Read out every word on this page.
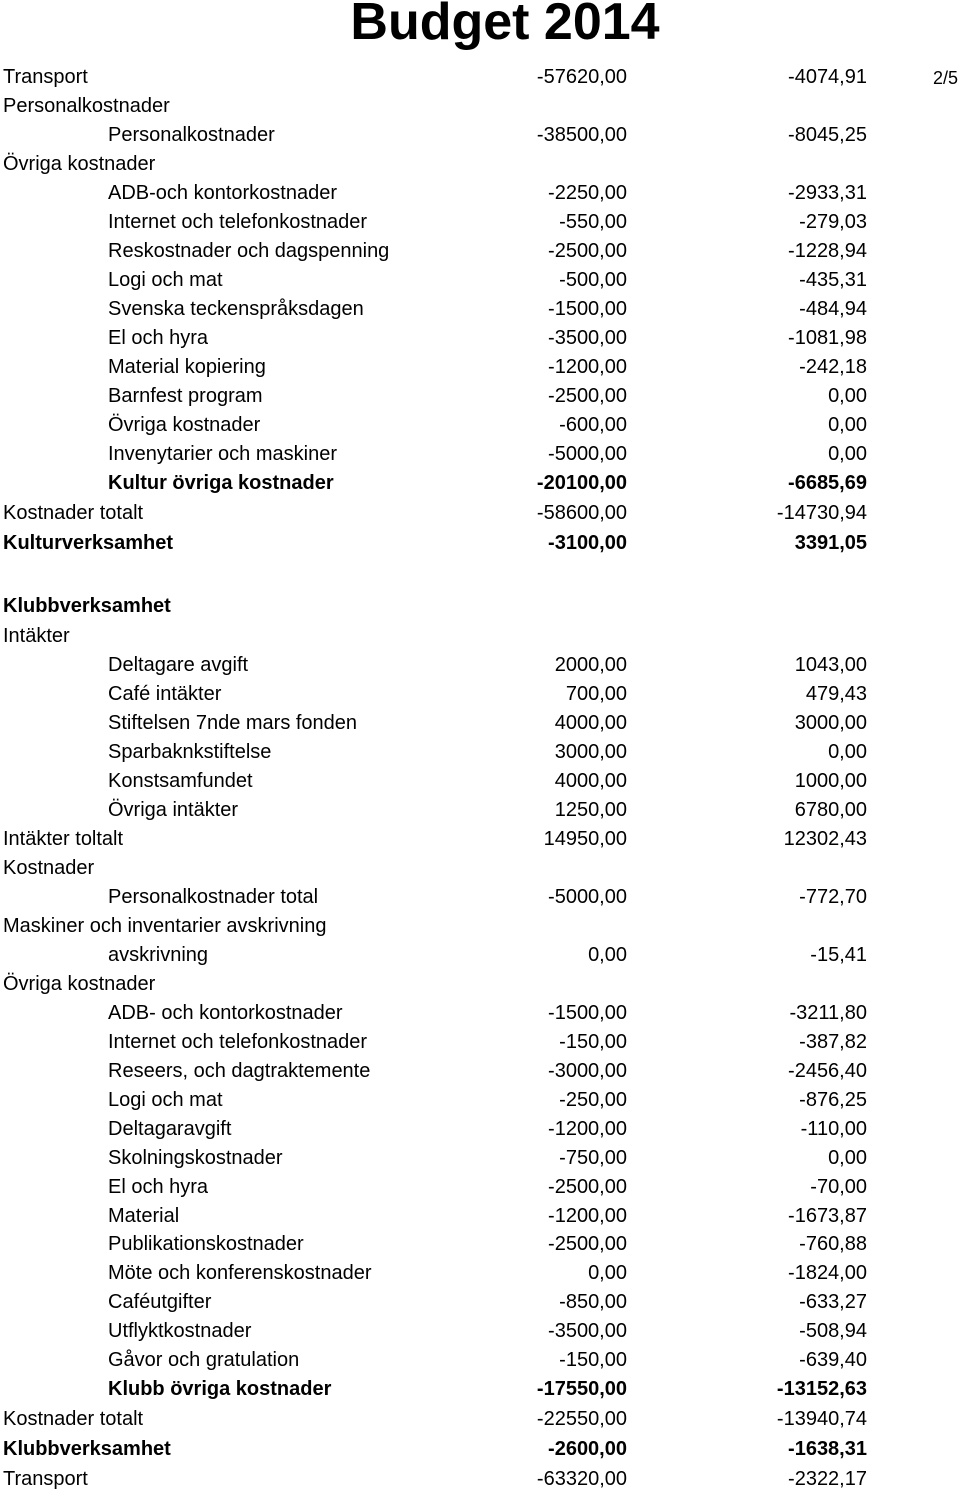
Budget 2014
2/5
Transport	-57620,00	-4074,91
Personalkostnader
Personalkostnader	-38500,00	-8045,25
Övriga kostnader
ADB-och kontorkostnader	-2250,00	-2933,31
Internet och telefonkostnader	-550,00	-279,03
Reskostnader och dagspenning	-2500,00	-1228,94
Logi och mat	-500,00	-435,31
Svenska teckenspråksdagen	-1500,00	-484,94
El och hyra	-3500,00	-1081,98
Material kopiering	-1200,00	-242,18
Barnfest program	-2500,00	0,00
Övriga kostnader	-600,00	0,00
Invenytarier och maskiner	-5000,00	0,00
Kultur övriga kostnader	-20100,00	-6685,69
Kostnader totalt	-58600,00	-14730,94
Kulturverksamhet	-3100,00	3391,05
Klubbverksamhet
Intäkter
Deltagare avgift	2000,00	1043,00
Café intäkter	700,00	479,43
Stiftelsen 7nde mars fonden	4000,00	3000,00
Sparbaknkstiftelse	3000,00	0,00
Konstsamfundet	4000,00	1000,00
Övriga intäkter	1250,00	6780,00
Intäkter toltalt	14950,00	12302,43
Kostnader
Personalkostnader total	-5000,00	-772,70
Maskiner och inventarier avskrivning
avskrivning	0,00	-15,41
Övriga kostnader
ADB- och kontorkostnader	-1500,00	-3211,80
Internet och telefonkostnader	-150,00	-387,82
Reseers, och dagtraktemente	-3000,00	-2456,40
Logi och mat	-250,00	-876,25
Deltagaravgift	-1200,00	-110,00
Skolningskostnader	-750,00	0,00
El och hyra	-2500,00	-70,00
Material	-1200,00	-1673,87
Publikationskostnader	-2500,00	-760,88
Möte och konferenskostnader	0,00	-1824,00
Caféutgifter	-850,00	-633,27
Utflyktkostnader	-3500,00	-508,94
Gåvor och gratulation	-150,00	-639,40
Klubb övriga kostnader	-17550,00	-13152,63
Kostnader totalt	-22550,00	-13940,74
Klubbverksamhet	-2600,00	-1638,31
Transport	-63320,00	-2322,17
